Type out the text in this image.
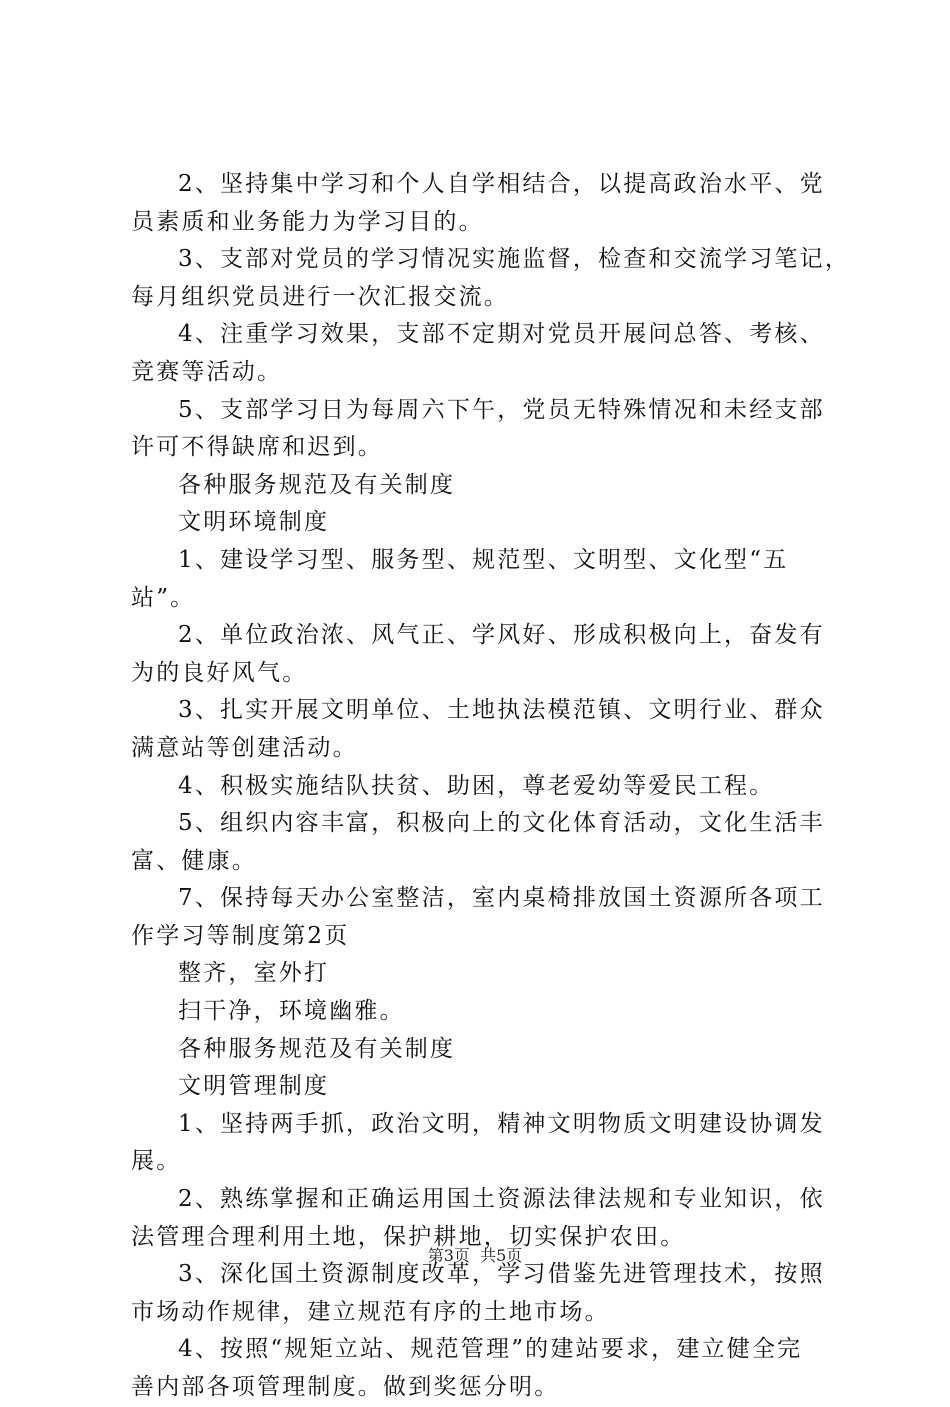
2、坚持集中学习和个人自学相结合，以提高政治水平、党
员素质和业务能力为学习目的。
3、支部对党员的学习情况实施监督，检查和交流学习笔记，
每月组织党员进行一次汇报交流。
4、注重学习效果，支部不定期对党员开展问总答、考核、
竞赛等活动。
5、支部学习日为每周六下午，党员无特殊情况和未经支部
许可不得缺席和迟到。
各种服务规范及有关制度
文明环境制度
1、建设学习型、服务型、规范型、文明型、文化型“五
站”。
2、单位政治浓、风气正、学风好、形成积极向上，奋发有
为的良好风气。
3、扎实开展文明单位、土地执法模范镇、文明行业、群众
满意站等创建活动。
4、积极实施结队扶贫、助困，尊老爱幼等爱民工程。
5、组织内容丰富，积极向上的文化体育活动，文化生活丰
富、健康。
7、保持每天办公室整洁，室内桌椅排放国土资源所各项工
作学习等制度第2页
整齐，室外打
扫干净，环境幽雅。
各种服务规范及有关制度
文明管理制度
1、坚持两手抓，政治文明，精神文明物质文明建设协调发
展。
2、熟练掌握和正确运用国土资源法律法规和专业知识，依
法管理合理利用土地，保护耕地，切实保护农田。
3、深化国土资源制度改革，学习借鉴先进管理技术，按照
市场动作规律，建立规范有序的土地市场。
4、按照“规矩立站、规范管理”的建站要求，建立健全完
善内部各项管理制度。做到奖惩分明。
第3页  共5页
